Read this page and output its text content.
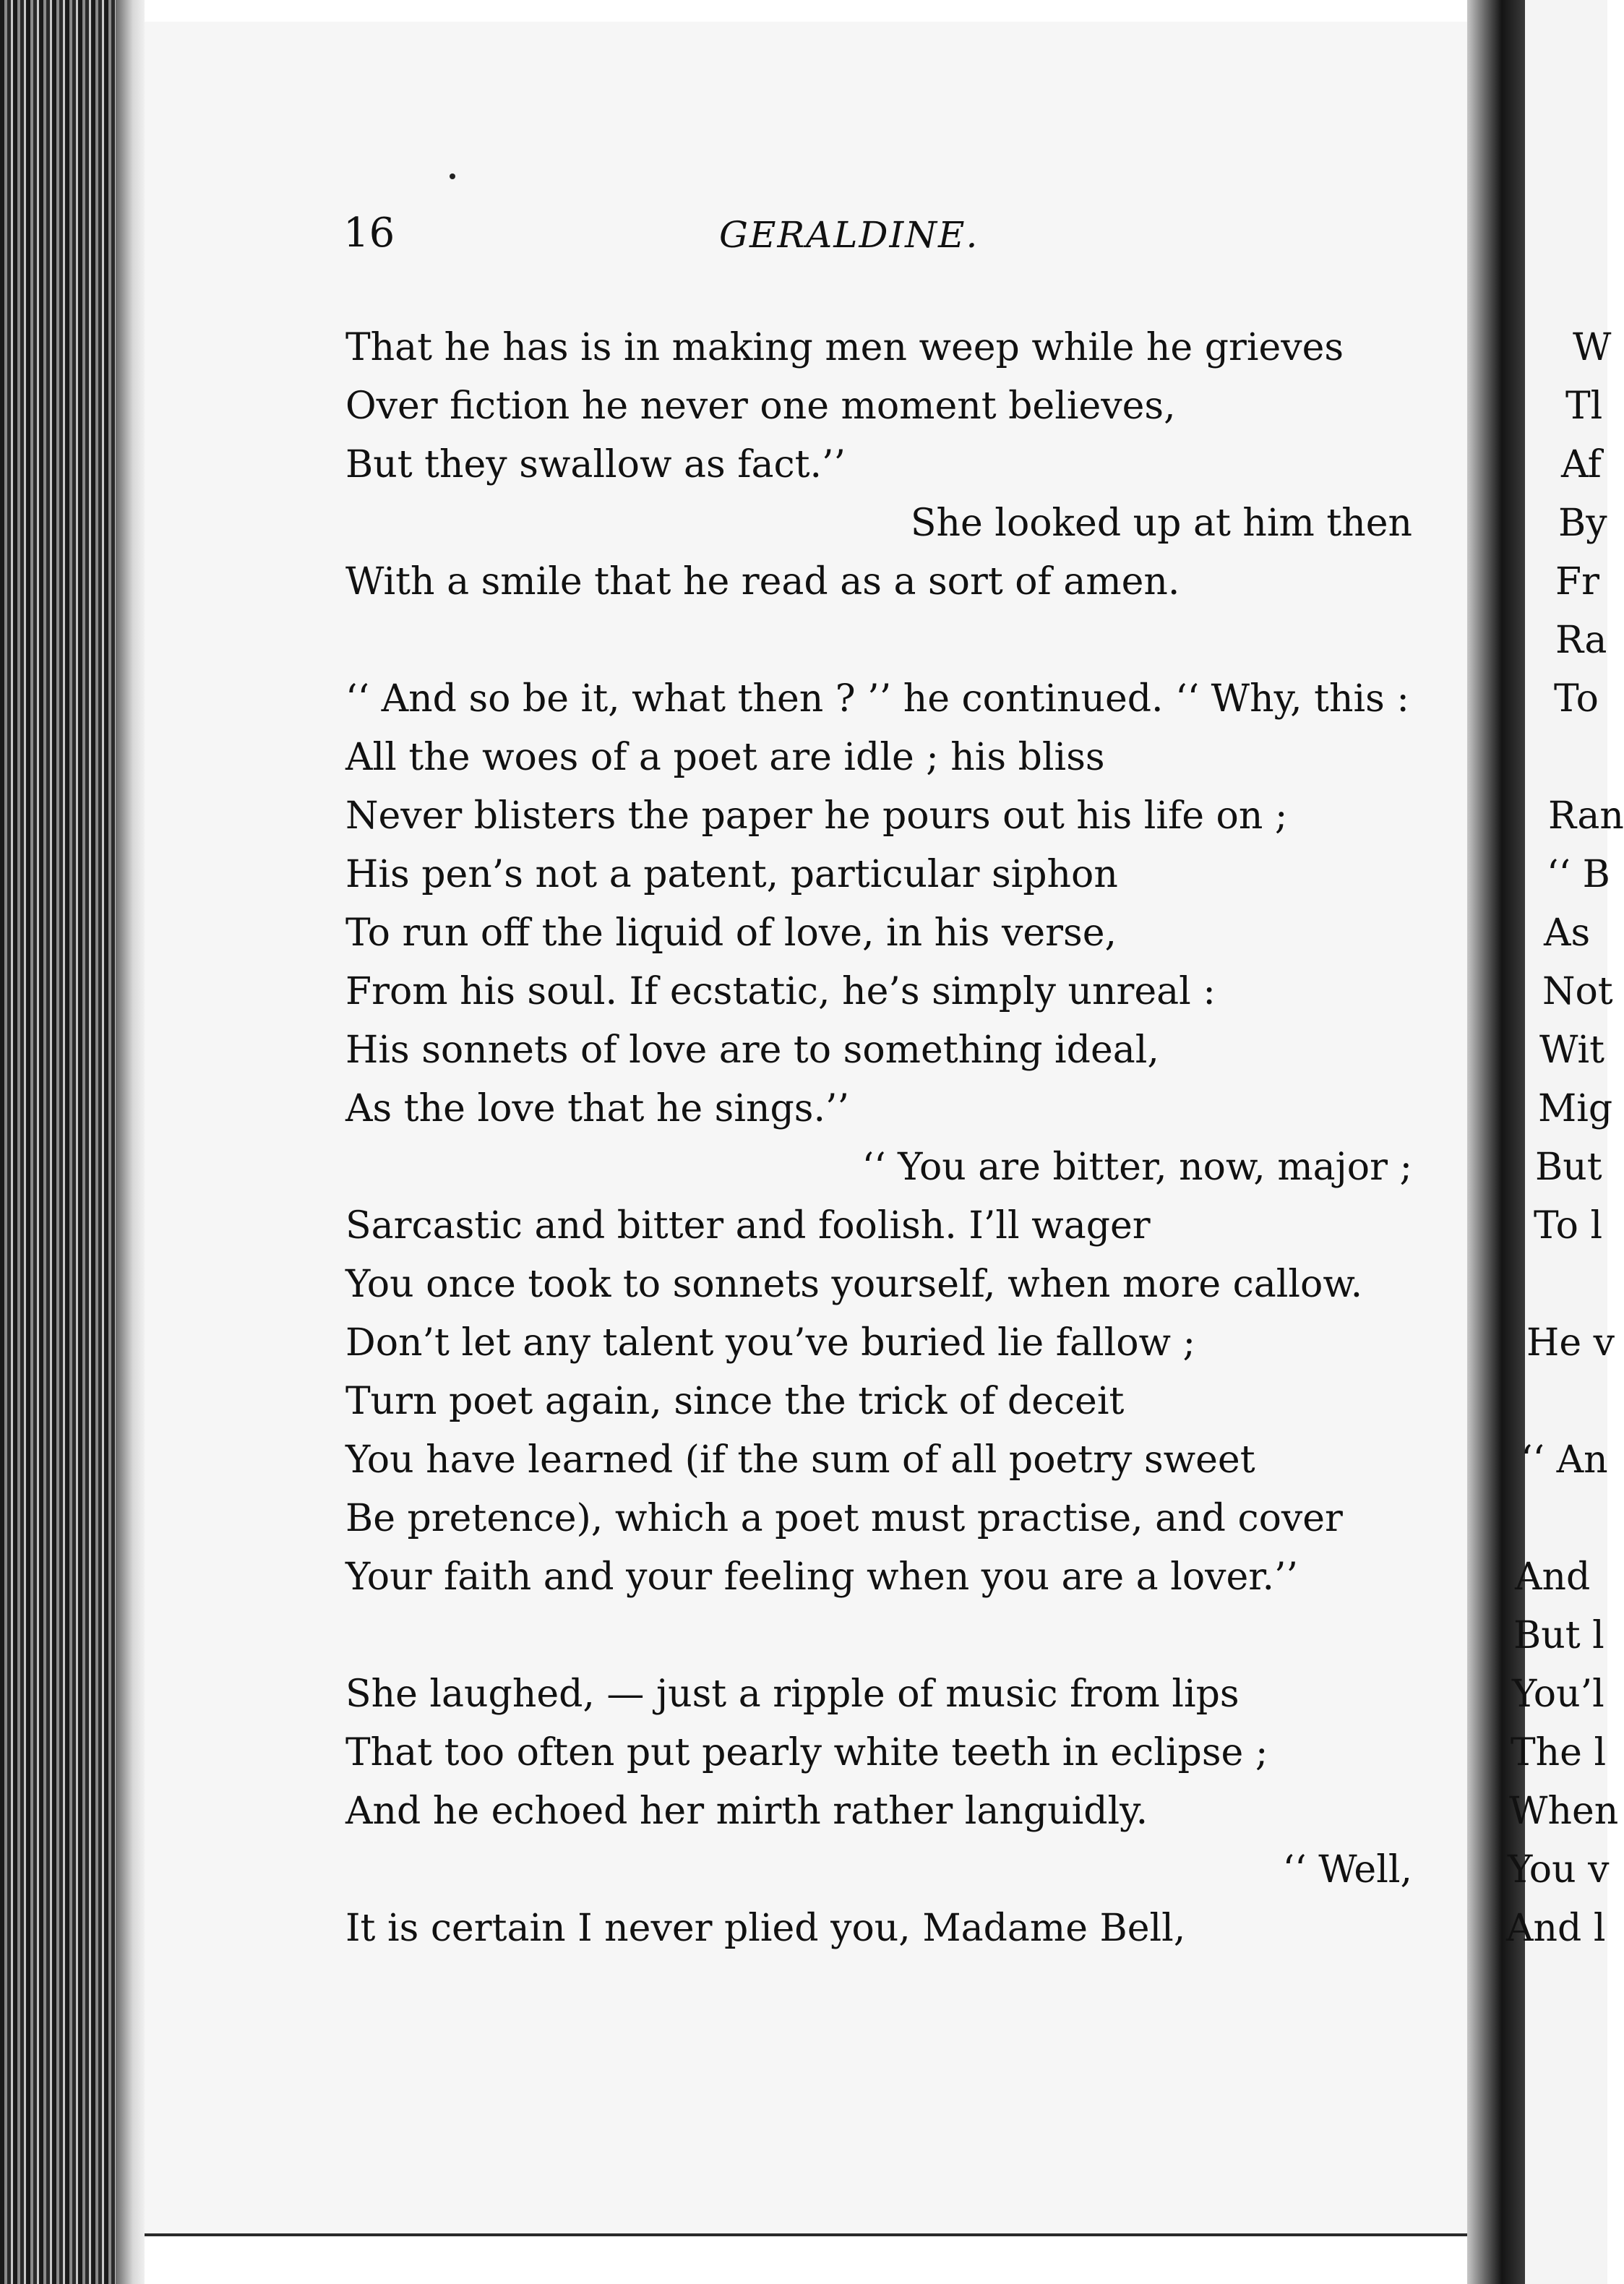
16	GERALDINE.
That he has is in making men weep while he grieves
Over fiction he never one moment believes,
But they swallow as fact.’’
She looked up at him then
With a smile that he read as a sort of amen.
‘‘ And so be it, what then ? ’’ he continued. ‘‘ Why, this :
All the woes of a poet are idle ; his bliss
Never blisters the paper he pours out his life on ;
His pen’s not a patent, particular siphon
To run off the liquid of love, in his verse,
From his soul. If ecstatic, he’s simply unreal :
His sonnets of love are to something ideal,
As the love that he sings.’’
‘‘ You are bitter, now, major ;
Sarcastic and bitter and foolish. I’ll wager
You once took to sonnets yourself, when more callow.
Don’t let any talent you’ve buried lie fallow ;
Turn poet again, since the trick of deceit
You have learned (if the sum of all poetry sweet
Be pretence), which a poet must practise, and cover
Your faith and your feeling when you are a lover.’’
She laughed, — just a ripple of music from lips
That too often put pearly white teeth in eclipse ;
And he echoed her mirth rather languidly.
‘‘ Well,
It is certain I never plied you, Madame Bell,
W
Tl
Af
By
Fr
Ra
To
Ran
‘‘ B
As
Not
Wit
Mig
But
To l
He v
‘‘ An
And
But l
You’l
The l
When
You v
And l
